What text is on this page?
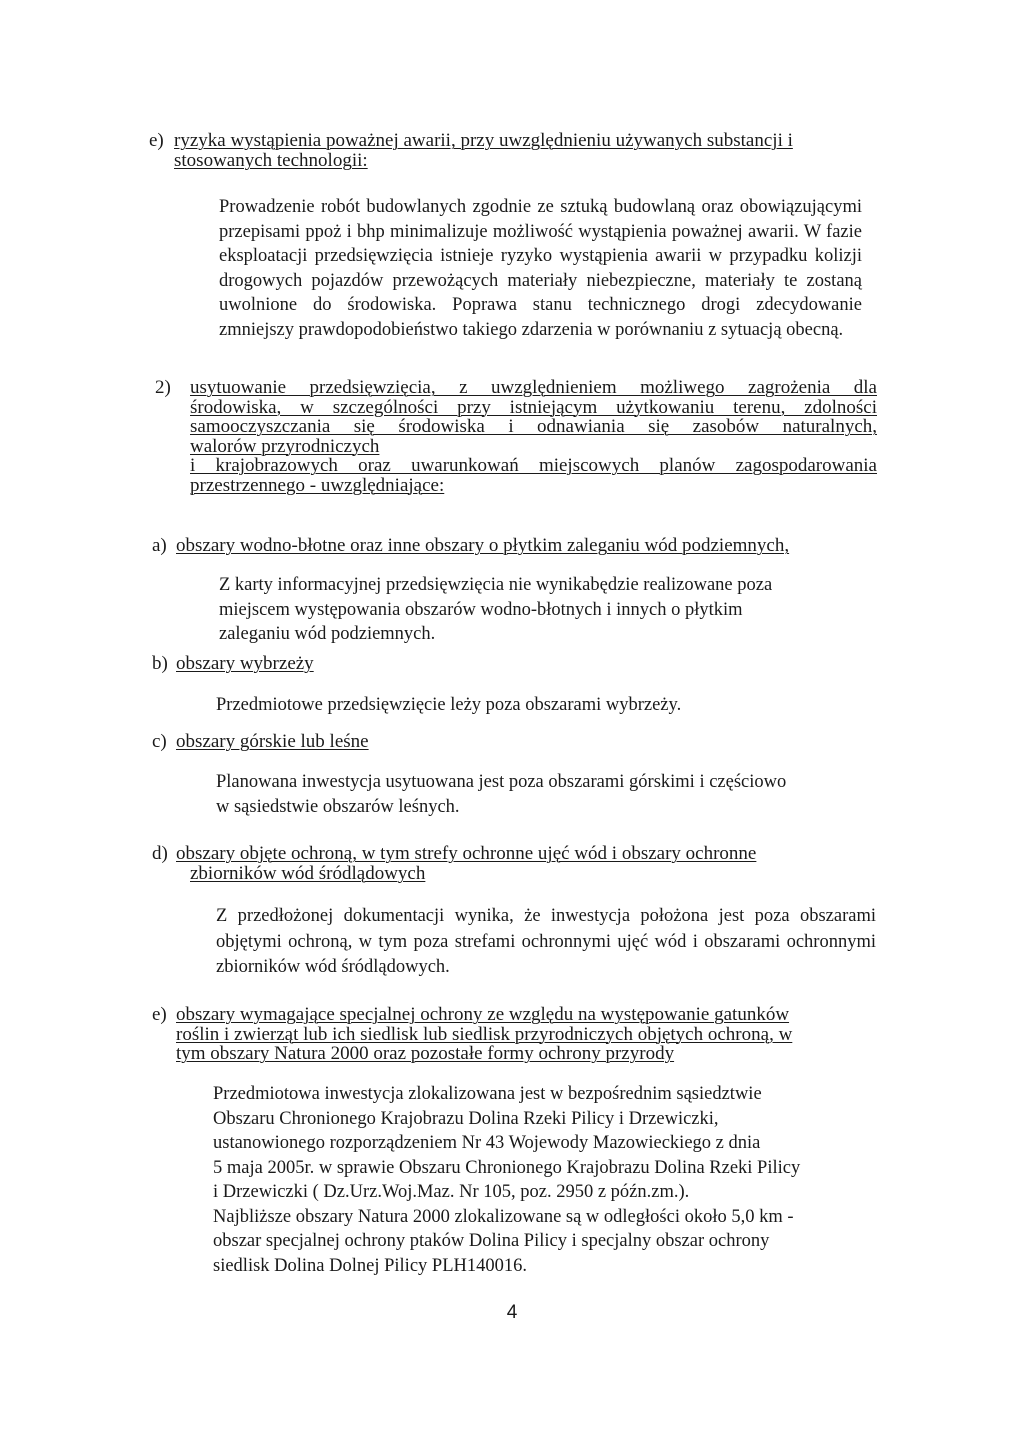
e) ryzyka wystąpienia poważnej awarii, przy uwzględnieniu używanych substancji i stosowanych technologii:
Prowadzenie robót budowlanych zgodnie ze sztuką budowlaną oraz obowiązującymi przepisami ppoż i bhp minimalizuje możliwość wystąpienia poważnej awarii. W fazie eksploatacji przedsięwzięcia istnieje ryzyko wystąpienia awarii w przypadku kolizji drogowych pojazdów przewożących materiały niebezpieczne, materiały te zostaną uwolnione do środowiska. Poprawa stanu technicznego drogi zdecydowanie zmniejszy prawdopodobieństwo takiego zdarzenia w porównaniu z sytuacją obecną.
2) usytuowanie przedsięwzięcia, z uwzględnieniem możliwego zagrożenia dla
środowiska, w szczególności przy istniejącym użytkowaniu terenu, zdolności
samooczyszczania się środowiska i odnawiania się zasobów naturalnych,
walorów przyrodniczych
i krajobrazowych oraz uwarunkowań miejscowych planów zagospodarowania
przestrzennego - uwzględniające:
a) obszary wodno-błotne oraz inne obszary o płytkim zaleganiu wód podziemnych,
Z karty informacyjnej przedsięwzięcia nie wynikabędzie realizowane poza
miejscem występowania obszarów wodno-błotnych i innych o płytkim
zaleganiu wód podziemnych.
b) obszary wybrzeży
Przedmiotowe przedsięwzięcie leży poza obszarami wybrzeży.
c) obszary górskie lub leśne
Planowana inwestycja usytuowana jest poza obszarami górskimi i częściowo
w sąsiedstwie obszarów leśnych.
d) obszary objęte ochroną, w tym strefy ochronne ujęć wód i obszary ochronne
zbiorników wód śródlądowych
Z przedłożonej dokumentacji wynika, że inwestycja położona jest poza obszarami objętymi ochroną, w tym poza strefami ochronnymi ujęć wód i obszarami ochronnymi zbiorników wód śródlądowych.
e) obszary wymagające specjalnej ochrony ze względu na występowanie gatunków
roślin i zwierząt lub ich siedlisk lub siedlisk przyrodniczych objętych ochroną, w
tym obszary Natura 2000 oraz pozostałe formy ochrony przyrody
Przedmiotowa inwestycja zlokalizowana jest w bezpośrednim sąsiedztwie
Obszaru Chronionego Krajobrazu Dolina Rzeki Pilicy i Drzewiczki,
ustanowionego rozporządzeniem Nr 43 Wojewody Mazowieckiego z dnia
5 maja 2005r. w sprawie Obszaru Chronionego Krajobrazu Dolina Rzeki Pilicy
i Drzewiczki ( Dz.Urz.Woj.Maz. Nr 105, poz. 2950 z późn.zm.).
Najbliższe obszary Natura 2000 zlokalizowane są w odległości około 5,0 km -
obszar specjalnej ochrony ptaków Dolina Pilicy i specjalny obszar ochrony
siedlisk Dolina Dolnej Pilicy PLH140016.
4
